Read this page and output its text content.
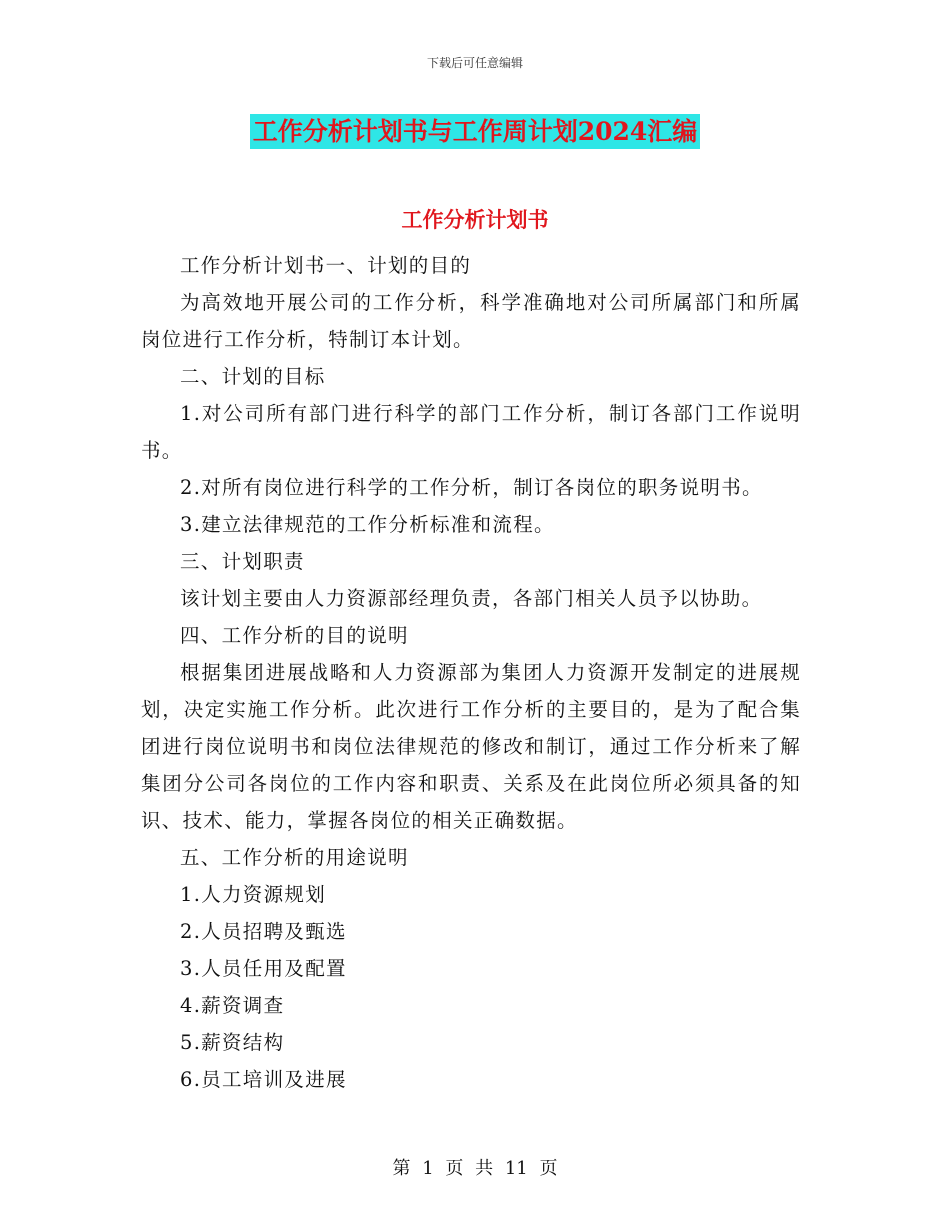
下载后可任意编辑
工作分析计划书与工作周计划2024汇编
工作分析计划书

工作分析计划书一、计划的目的

为高效地开展公司的工作分析，科学准确地对公司所属部门和所属岗位进行工作分析，特制订本计划。

二、计划的目标

1.对公司所有部门进行科学的部门工作分析，制订各部门工作说明书。

2.对所有岗位进行科学的工作分析，制订各岗位的职务说明书。

3.建立法律规范的工作分析标准和流程。

三、计划职责

该计划主要由人力资源部经理负责，各部门相关人员予以协助。

四、工作分析的目的说明

根据集团进展战略和人力资源部为集团人力资源开发制定的进展规划，决定实施工作分析。此次进行工作分析的主要目的，是为了配合集团进行岗位说明书和岗位法律规范的修改和制订，通过工作分析来了解集团分公司各岗位的工作内容和职责、关系及在此岗位所必须具备的知识、技术、能力，掌握各岗位的相关正确数据。

五、工作分析的用途说明

1.人力资源规划

2.人员招聘及甄选

3.人员任用及配置

4.薪资调查

5.薪资结构

6.员工培训及进展

第 1 页 共 11 页
